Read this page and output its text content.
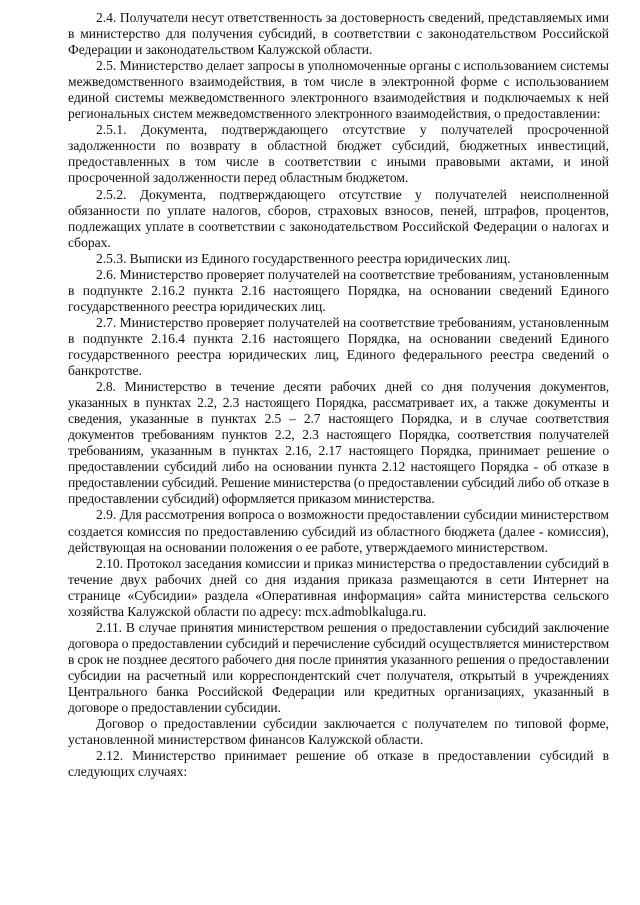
2.4. Получатели несут ответственность за достоверность сведений, представляемых ими в министерство для получения субсидий, в соответствии с законодательством Российской Федерации и законодательством Калужской области.

2.5. Министерство делает запросы в уполномоченные органы с использованием системы межведомственного взаимодействия, в том числе в электронной форме с использованием единой системы межведомственного электронного взаимодействия и подключаемых к ней региональных систем межведомственного электронного взаимодействия, о предоставлении:

2.5.1. Документа, подтверждающего отсутствие у получателей просроченной задолженности по возврату в областной бюджет субсидий, бюджетных инвестиций, предоставленных в том числе в соответствии с иными правовыми актами, и иной просроченной задолженности перед областным бюджетом.

2.5.2. Документа, подтверждающего отсутствие у получателей неисполненной обязанности по уплате налогов, сборов, страховых взносов, пеней, штрафов, процентов, подлежащих уплате в соответствии с законодательством Российской Федерации о налогах и сборах.

2.5.3. Выписки из Единого государственного реестра юридических лиц.

2.6. Министерство проверяет получателей на соответствие требованиям, установленным в подпункте 2.16.2 пункта 2.16 настоящего Порядка, на основании сведений Единого государственного реестра юридических лиц.

2.7. Министерство проверяет получателей на соответствие требованиям, установленным в подпункте 2.16.4 пункта 2.16 настоящего Порядка, на основании сведений Единого государственного реестра юридических лиц, Единого федерального реестра сведений о банкротстве.

2.8. Министерство в течение десяти рабочих дней со дня получения документов, указанных в пунктах 2.2, 2.3 настоящего Порядка, рассматривает их, а также документы и сведения, указанные в пунктах 2.5 – 2.7 настоящего Порядка, и в случае соответствия документов требованиям пунктов 2.2, 2.3 настоящего Порядка, соответствия получателей требованиям, указанным в пунктах 2.16, 2.17 настоящего Порядка, принимает решение о предоставлении субсидий либо на основании пункта 2.12 настоящего Порядка - об отказе в предоставлении субсидий. Решение министерства (о предоставлении субсидий либо об отказе в предоставлении субсидий) оформляется приказом министерства.

2.9. Для рассмотрения вопроса о возможности предоставлении субсидии министерством создается комиссия по предоставлению субсидий из областного бюджета (далее - комиссия), действующая на основании положения о ее работе, утверждаемого министерством.

2.10. Протокол заседания комиссии и приказ министерства о предоставлении субсидий в течение двух рабочих дней со дня издания приказа размещаются в сети Интернет на странице «Субсидии» раздела «Оперативная информация» сайта министерства сельского хозяйства Калужской области по адресу: mcx.admoblkaluga.ru.

2.11. В случае принятия министерством решения о предоставлении субсидий заключение договора о предоставлении субсидий и перечисление субсидий осуществляется министерством в срок не позднее десятого рабочего дня после принятия указанного решения о предоставлении субсидии на расчетный или корреспондентский счет получателя, открытый в учреждениях Центрального банка Российской Федерации или кредитных организациях, указанный в договоре о предоставлении субсидии.

Договор о предоставлении субсидии заключается с получателем по типовой форме, установленной министерством финансов Калужской области.

2.12. Министерство принимает решение об отказе в предоставлении субсидий в следующих случаях:
